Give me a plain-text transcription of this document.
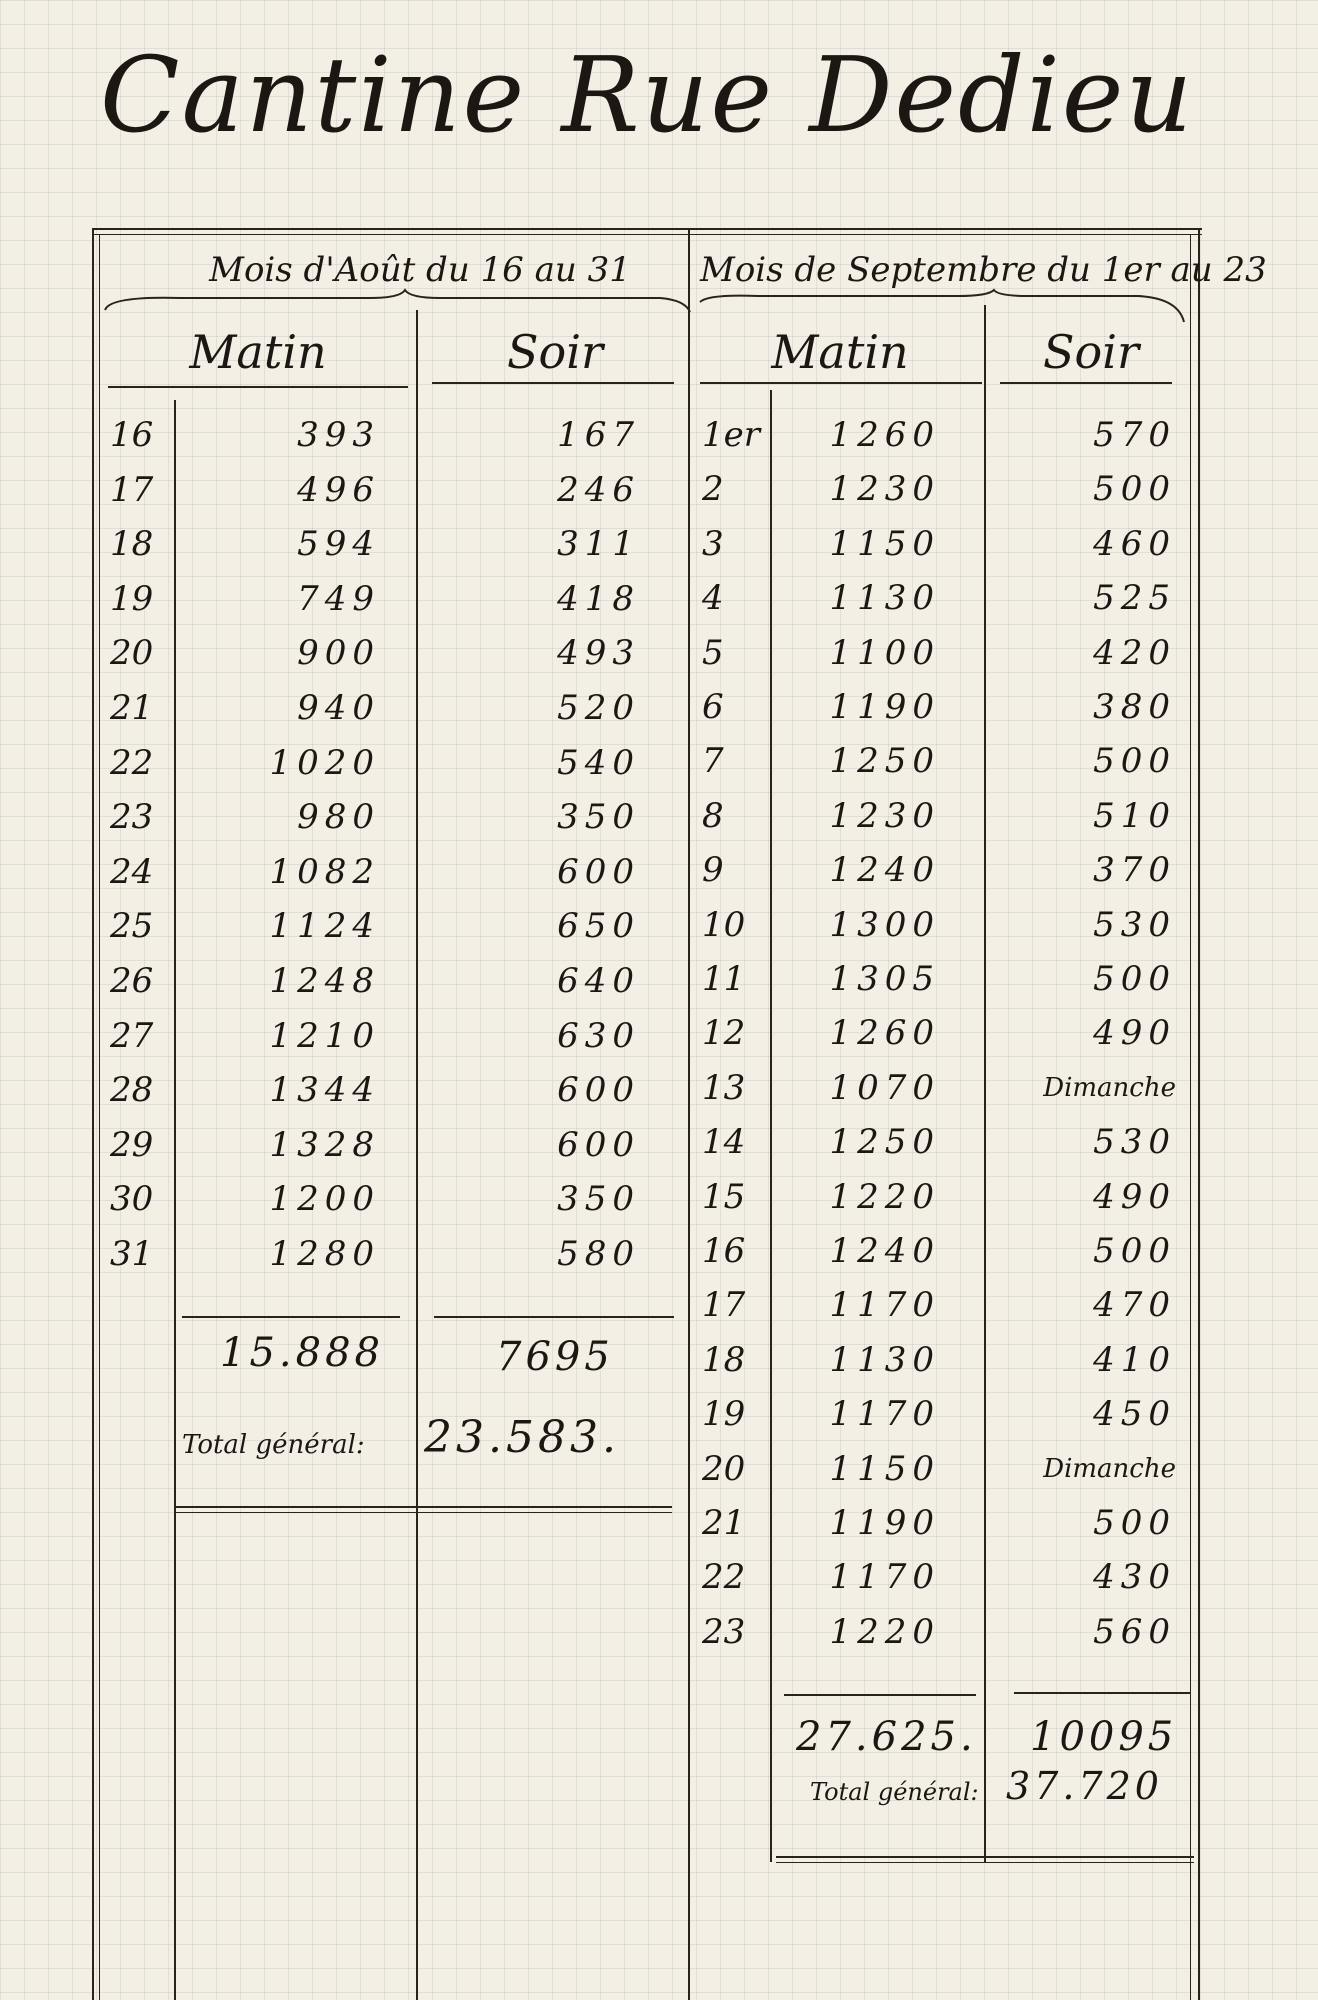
Cantine Rue Dedieu
Mois d'Août du 16 au 31	Mois de Septembre du 1er au 23
Matin	Soir	Matin	Soir
16	393	167
17	496	246
18	594	311
19	749	418
20	900	493
21	940	520
22	1020	540
23	980	350
24	1082	600
25	1124	650
26	1248	640
27	1210	630
28	1344	600
29	1328	600
30	1200	350
31	1280	580
1er	1260	570
2	1230	500
3	1150	460
4	1130	525
5	1100	420
6	1190	380
7	1250	500
8	1230	510
9	1240	370
10	1300	530
11	1305	500
12	1260	490
13	1070	Dimanche
14	1250	530
15	1220	490
16	1240	500
17	1170	470
18	1130	410
19	1170	450
20	1150	Dimanche
21	1190	500
22	1170	430
23	1220	560
15.888	7695
Total général: 23.583.
27.625. 10095
Total général: 37.720
